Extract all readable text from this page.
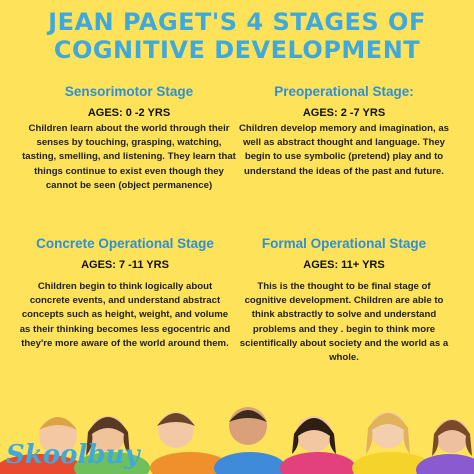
JEAN PAGET'S 4 STAGES OF
COGNITIVE DEVELOPMENT
Sensorimotor Stage
AGES: 0 -2 YRS

Children learn about the world through their senses by touching, grasping, watching, tasting, smelling, and listening. They learn that things continue to exist even though they cannot be seen (object permanence)

Preoperational Stage:
AGES: 2 -7 YRS

Children develop memory and imagination, as well as abstract thought and language. They begin to use symbolic (pretend) play and to understand the ideas of the past and future.

Concrete Operational Stage
AGES: 7 -11 YRS

Children begin to think logically about concrete events, and understand abstract concepts such as height, weight, and volume as their thinking becomes less egocentric and they're more aware of the world around them.

Formal Operational Stage
AGES: 11+ YRS

This is the thought to be final stage of cognitive development. Children are able to think abstractly to solve and understand problems and they . begin to think more scientifically about society and the world as a whole.

Skoolbuy
